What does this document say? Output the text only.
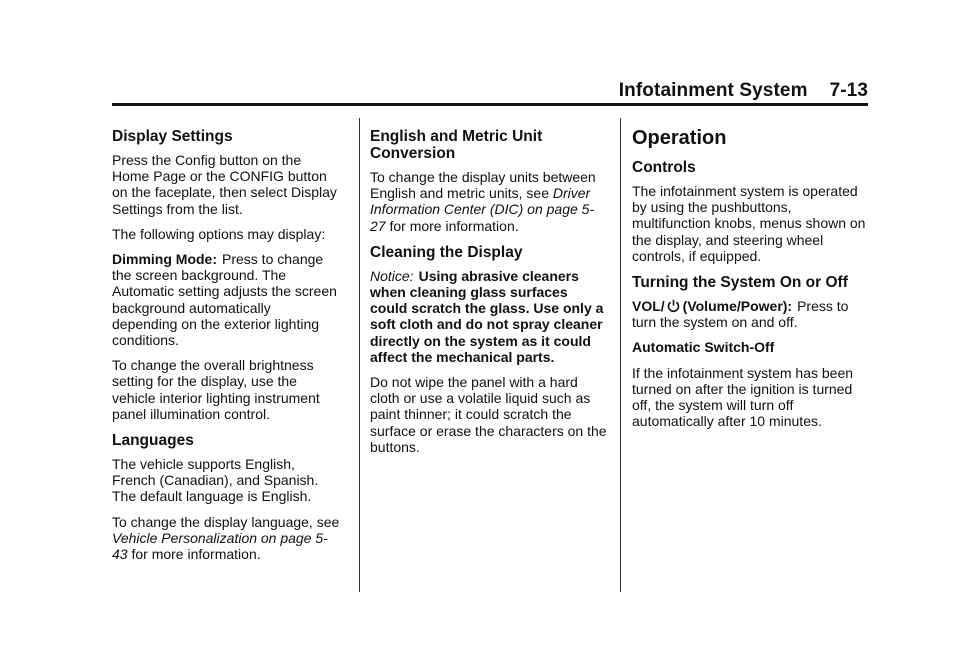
Infotainment System 7-13
Display Settings

Press the Config button on the Home Page or the CONFIG button on the faceplate, then select Display Settings from the list.

The following options may display:

Dimming Mode: Press to change the screen background. The Automatic setting adjusts the screen background automatically depending on the exterior lighting conditions.

To change the overall brightness setting for the display, use the vehicle interior lighting instrument panel illumination control.

Languages

The vehicle supports English, French (Canadian), and Spanish. The default language is English.

To change the display language, see Vehicle Personalization on page 5-43 for more information.

English and Metric Unit Conversion

To change the display units between English and metric units, see Driver Information Center (DIC) on page 5-27 for more information.

Cleaning the Display

Notice: Using abrasive cleaners when cleaning glass surfaces could scratch the glass. Use only a soft cloth and do not spray cleaner directly on the system as it could affect the mechanical parts.

Do not wipe the panel with a hard cloth or use a volatile liquid such as paint thinner; it could scratch the surface or erase the characters on the buttons.

Operation
Controls

The infotainment system is operated by using the pushbuttons, multifunction knobs, menus shown on the display, and steering wheel controls, if equipped.

Turning the System On or Off

VOL/ (Volume/Power): Press to turn the system on and off.

Automatic Switch-Off

If the infotainment system has been turned on after the ignition is turned off, the system will turn off automatically after 10 minutes.
